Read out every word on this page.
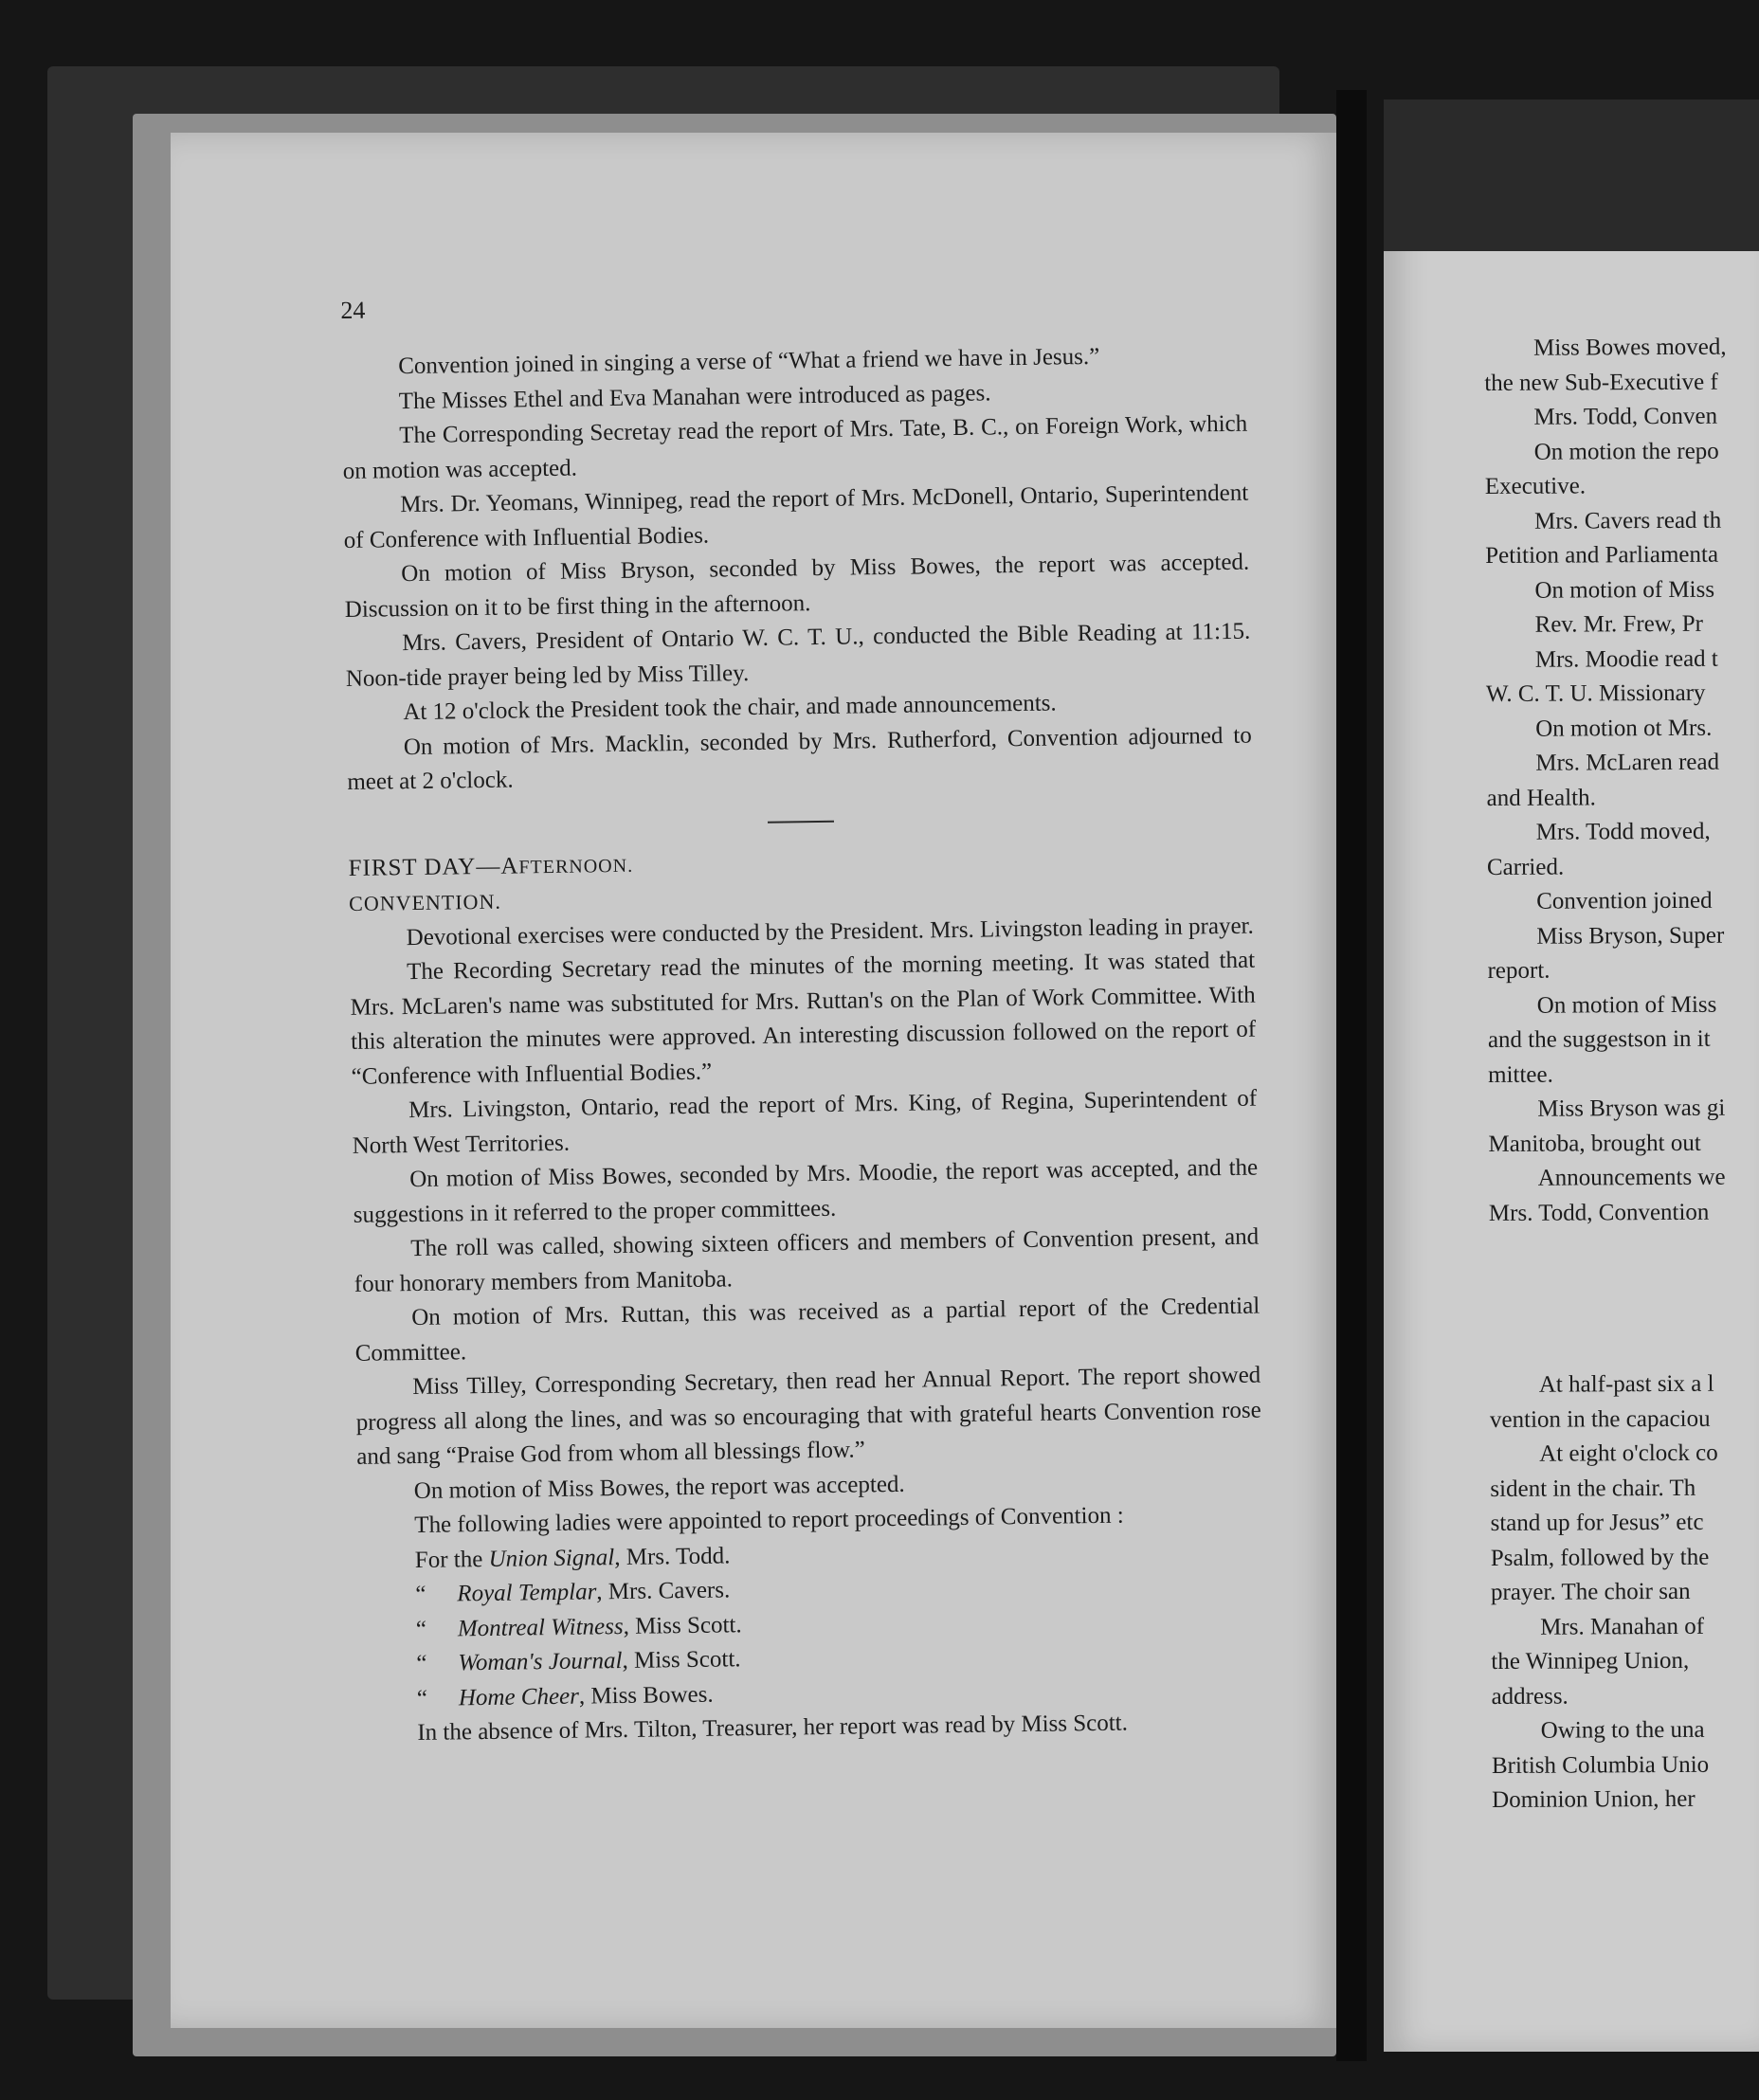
24

Convention joined in singing a verse of “What a friend we have in Jesus.”

The Misses Ethel and Eva Manahan were introduced as pages.

The Corresponding Secretay read the report of Mrs. Tate, B. C., on Foreign Work, which on motion was accepted.

Mrs. Dr. Yeomans, Winnipeg, read the report of Mrs. McDonell, Ontario, Superintendent of Conference with Influential Bodies.

On motion of Miss Bryson, seconded by Miss Bowes, the report was accepted. Discussion on it to be first thing in the afternoon.

Mrs. Cavers, President of Ontario W. C. T. U., conducted the Bible Reading at 11:15. Noon-tide prayer being led by Miss Tilley.

At 12 o'clock the President took the chair, and made announcements.

On motion of Mrs. Macklin, seconded by Mrs. Rutherford, Convention adjourned to meet at 2 o'clock.

FIRST DAY—AFTERNOON.

CONVENTION.

Devotional exercises were conducted by the President. Mrs. Livingston leading in prayer.

The Recording Secretary read the minutes of the morning meeting. It was stated that Mrs. McLaren's name was substituted for Mrs. Ruttan's on the Plan of Work Committee. With this alteration the minutes were approved. An interesting discussion followed on the report of “Conference with Influential Bodies.”

Mrs. Livingston, Ontario, read the report of Mrs. King, of Regina, Superintendent of North West Territories.

On motion of Miss Bowes, seconded by Mrs. Moodie, the report was accepted, and the suggestions in it referred to the proper committees.

The roll was called, showing sixteen officers and members of Convention present, and four honorary members from Manitoba.

On motion of Mrs. Ruttan, this was received as a partial report of the Credential Committee.

Miss Tilley, Corresponding Secretary, then read her Annual Report. The report showed progress all along the lines, and was so encouraging that with grateful hearts Convention rose and sang “Praise God from whom all blessings flow.”

On motion of Miss Bowes, the report was accepted.

The following ladies were appointed to report proceedings of Convention :

For the Union Signal, Mrs. Todd.
“ Royal Templar, Mrs. Cavers.
“ Montreal Witness, Miss Scott.
“ Woman's Journal, Miss Scott.
“ Home Cheer, Miss Bowes.

In the absence of Mrs. Tilton, Treasurer, her report was read by Miss Scott.

Miss Bowes moved,

the new Sub-Executive f

Mrs. Todd, Conven

On motion the repo

Executive.

Mrs. Cavers read th

Petition and Parliamenta

On motion of Miss

Rev. Mr. Frew, Pr

Mrs. Moodie read t

W. C. T. U. Missionary

On motion ot Mrs.

Mrs. McLaren read

and Health.

Mrs. Todd moved,

Carried.

Convention joined

Miss Bryson, Super

report.

On motion of Miss

and the suggestson in it

mittee.

Miss Bryson was gi

Manitoba, brought out

Announcements we

Mrs. Todd, Convention

At half-past six a l

vention in the capaciou

At eight o'clock co

sident in the chair. Th

stand up for Jesus” etc

Psalm, followed by the

prayer. The choir san

Mrs. Manahan of

the Winnipeg Union,

address.

Owing to the una

British Columbia Unio

Dominion Union, her
